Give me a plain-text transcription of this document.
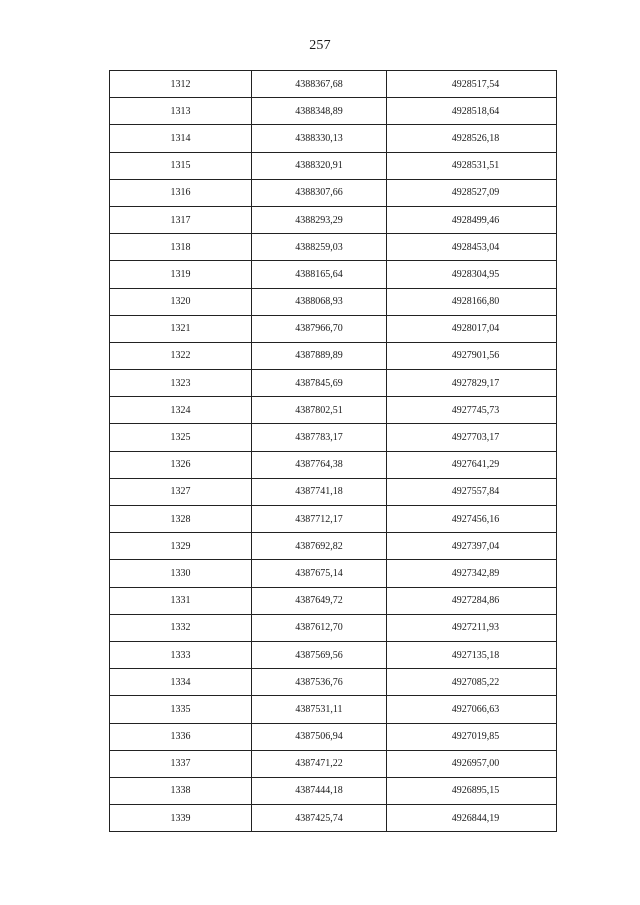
257
1312	4388367,68	4928517,54
1313	4388348,89	4928518,64
1314	4388330,13	4928526,18
1315	4388320,91	4928531,51
1316	4388307,66	4928527,09
1317	4388293,29	4928499,46
1318	4388259,03	4928453,04
1319	4388165,64	4928304,95
1320	4388068,93	4928166,80
1321	4387966,70	4928017,04
1322	4387889,89	4927901,56
1323	4387845,69	4927829,17
1324	4387802,51	4927745,73
1325	4387783,17	4927703,17
1326	4387764,38	4927641,29
1327	4387741,18	4927557,84
1328	4387712,17	4927456,16
1329	4387692,82	4927397,04
1330	4387675,14	4927342,89
1331	4387649,72	4927284,86
1332	4387612,70	4927211,93
1333	4387569,56	4927135,18
1334	4387536,76	4927085,22
1335	4387531,11	4927066,63
1336	4387506,94	4927019,85
1337	4387471,22	4926957,00
1338	4387444,18	4926895,15
1339	4387425,74	4926844,19
